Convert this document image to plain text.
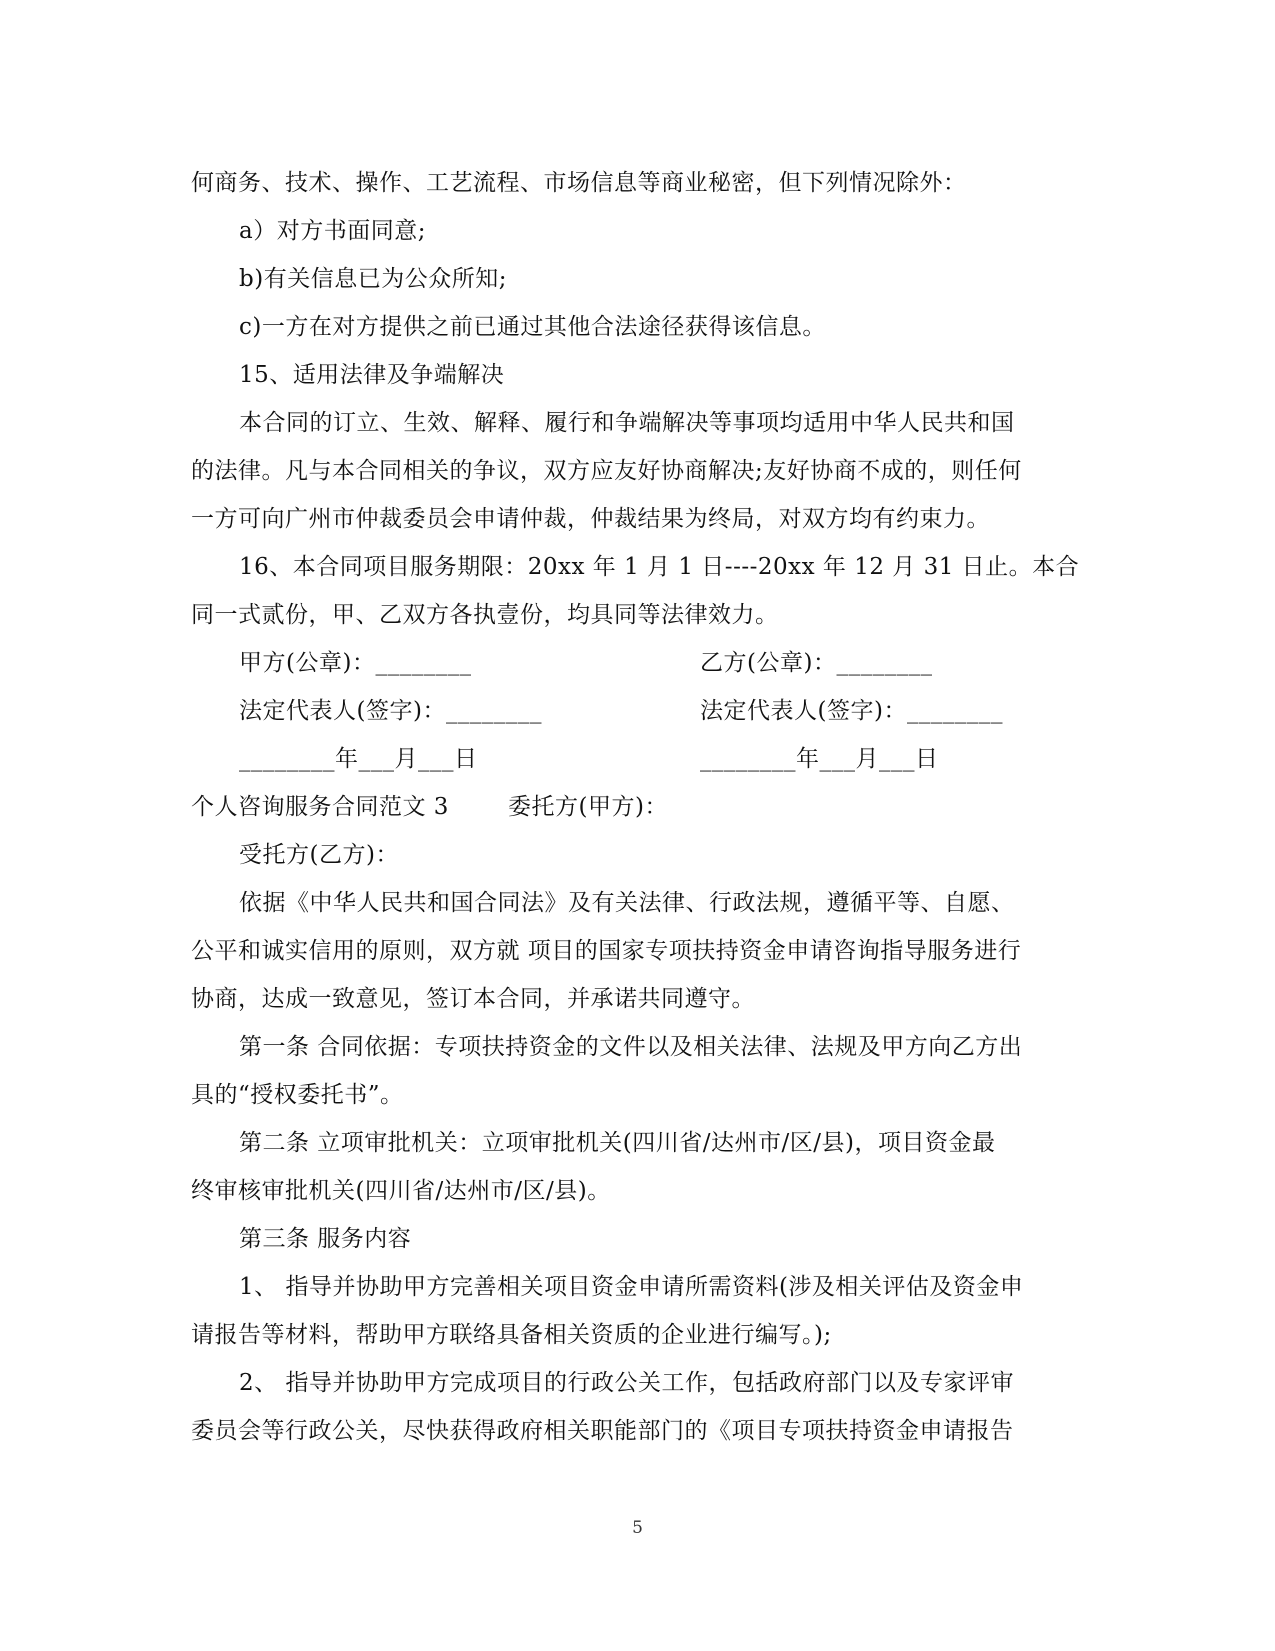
何商务、技术、操作、工艺流程、市场信息等商业秘密，但下列情况除外：
a）对方书面同意;
b)有关信息已为公众所知;
c)一方在对方提供之前已通过其他合法途径获得该信息。
15、适用法律及争端解决
本合同的订立、生效、解释、履行和争端解决等事项均适用中华人民共和国
的法律。凡与本合同相关的争议，双方应友好协商解决;友好协商不成的，则任何
一方可向广州市仲裁委员会申请仲裁，仲裁结果为终局，对双方均有约束力。
16、本合同项目服务期限：20xx 年 1 月 1 日----20xx 年 12 月 31 日止。本合
同一式贰份，甲、乙双方各执壹份，均具同等法律效力。
甲方(公章)：________	乙方(公章)：________
法定代表人(签字)：________	法定代表人(签字)：________
________年___月___日	________年___月___日
个人咨询服务合同范文 3	委托方(甲方)：
受托方(乙方)：
依据《中华人民共和国合同法》及有关法律、行政法规，遵循平等、自愿、
公平和诚实信用的原则，双方就 项目的国家专项扶持资金申请咨询指导服务进行
协商，达成一致意见，签订本合同，并承诺共同遵守。
第一条 合同依据：专项扶持资金的文件以及相关法律、法规及甲方向乙方出
具的“授权委托书”。
第二条 立项审批机关：立项审批机关(四川省/达州市/区/县)，项目资金最
终审核审批机关(四川省/达州市/区/县)。
第三条 服务内容
1、 指导并协助甲方完善相关项目资金申请所需资料(涉及相关评估及资金申
请报告等材料，帮助甲方联络具备相关资质的企业进行编写。);
2、 指导并协助甲方完成项目的行政公关工作，包括政府部门以及专家评审
委员会等行政公关，尽快获得政府相关职能部门的《项目专项扶持资金申请报告
5
